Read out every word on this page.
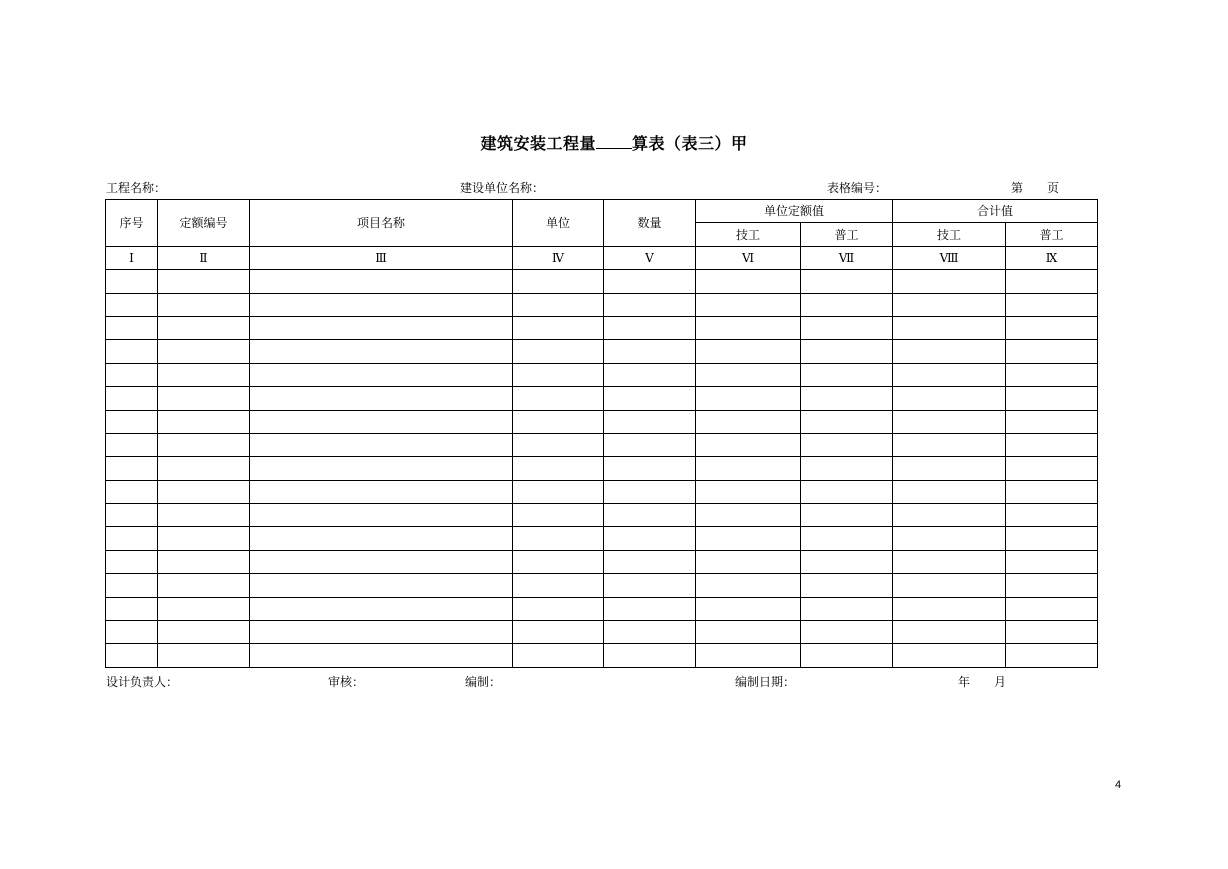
建筑安装工程量 算表（表三）甲
工程名称：	建设单位名称：	表格编号：	第　　页
序号	定额编号	项目名称	单位	数量	单位定额值		合计值	
					技工	普工	技工	普工
Ⅰ	Ⅱ	Ⅲ	Ⅳ	Ⅴ	Ⅵ	Ⅶ	Ⅷ	Ⅸ

设计负责人：	审核：	编制：	编制日期：	年　　月
4
